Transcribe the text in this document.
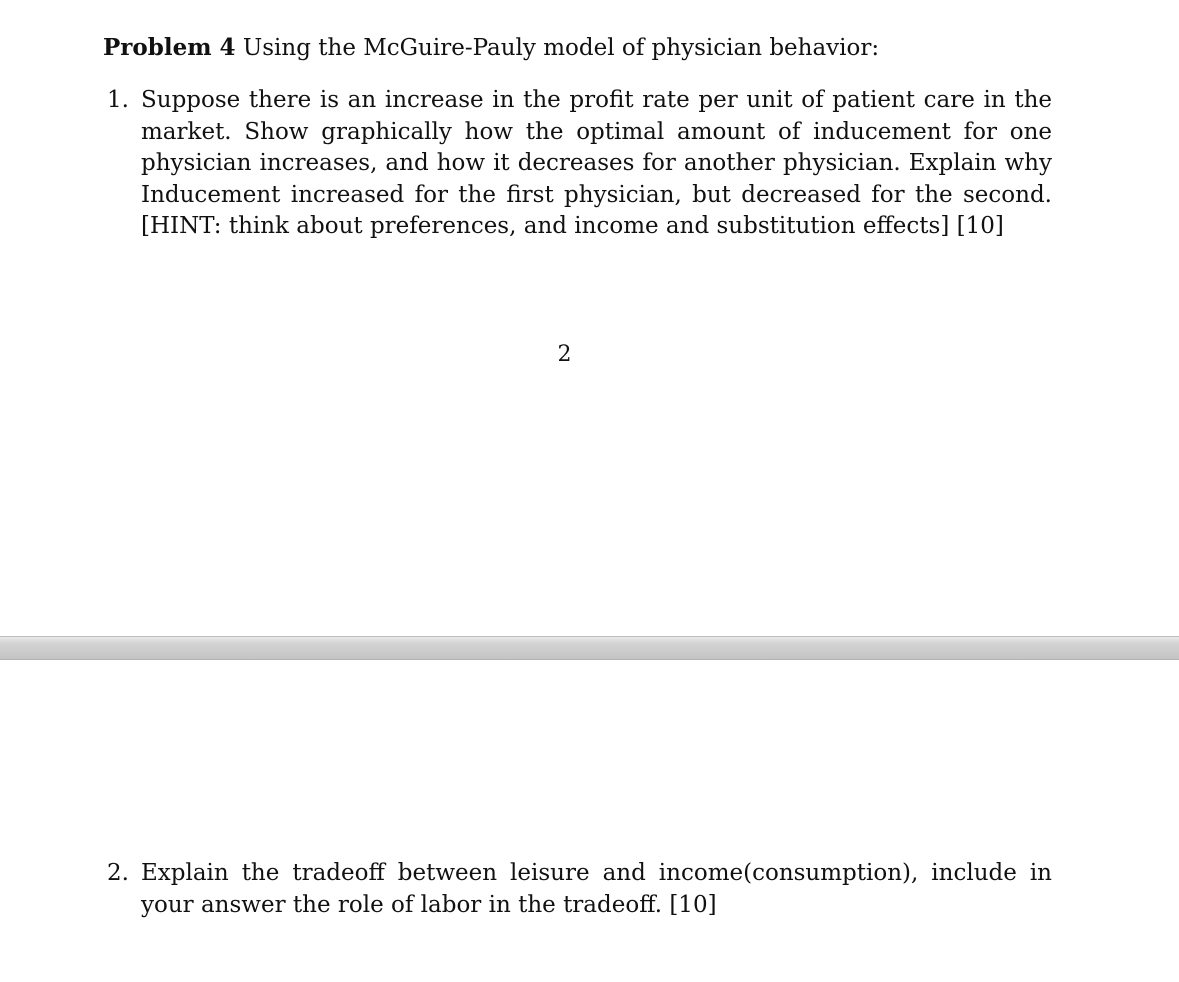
Problem 4 Using the McGuire-Pauly model of physician behavior:
1. Suppose there is an increase in the profit rate per unit of patient care in the market. Show graphically how the optimal amount of inducement for one physician increases, and how it decreases for another physician. Explain why Inducement increased for the first physician, but decreased for the second. [HINT: think about preferences, and income and substitution effects] [10]
2
2. Explain the tradeoff between leisure and income(consumption), include in your answer the role of labor in the tradeoff. [10]
